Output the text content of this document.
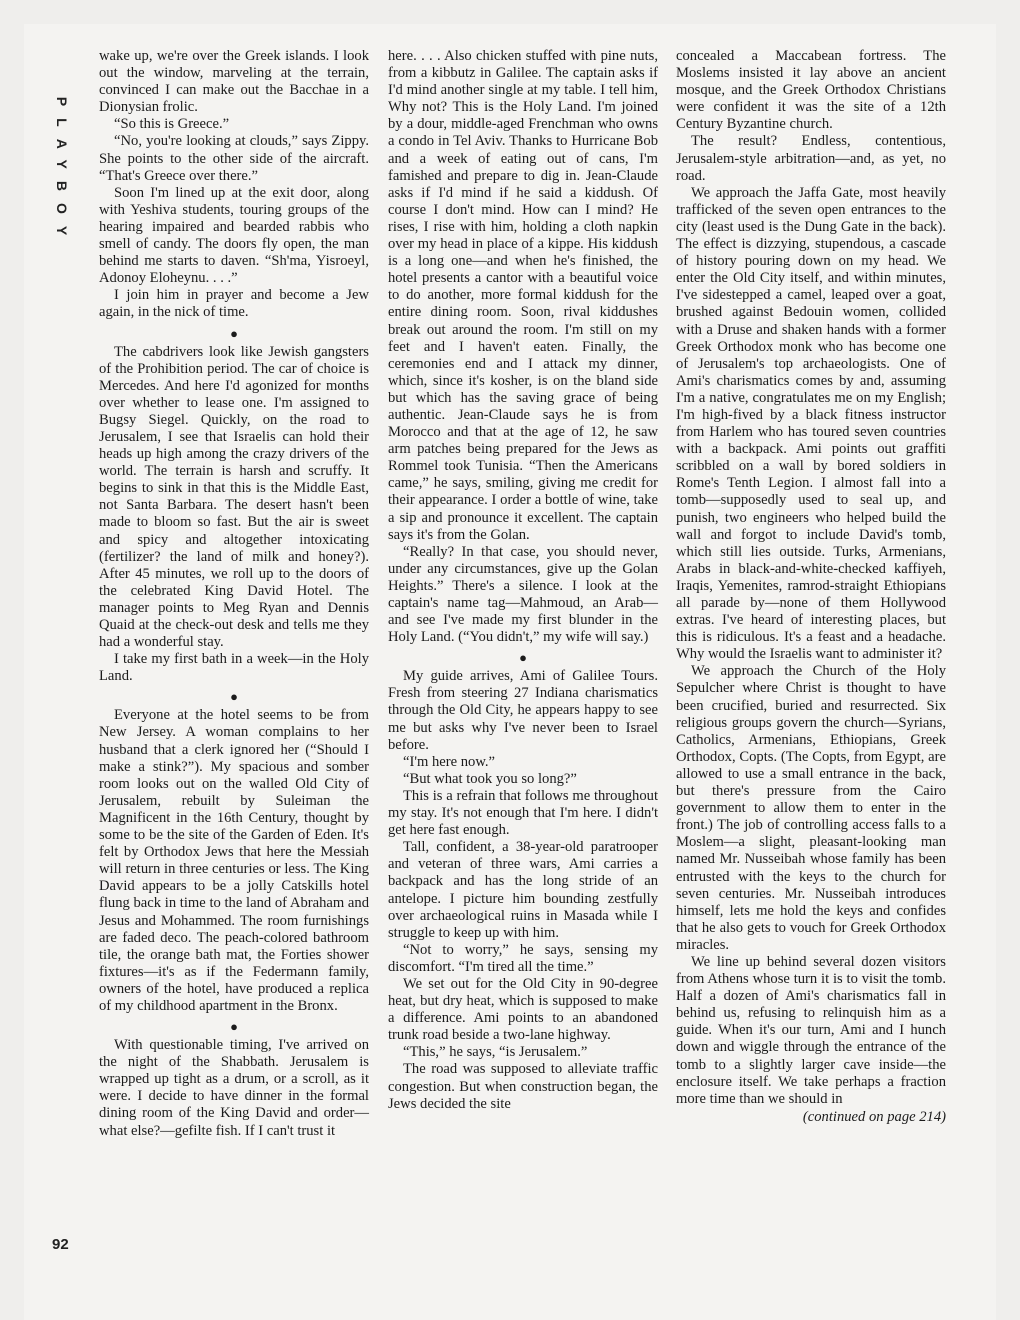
PLAYBOY

wake up, we're over the Greek islands. I look out the window, marveling at the terrain, convinced I can make out the Bacchae in a Dionysian frolic.

“So this is Greece.”

“No, you're looking at clouds,” says Zippy. She points to the other side of the aircraft. “That's Greece over there.”

Soon I'm lined up at the exit door, along with Yeshiva students, touring groups of the hearing impaired and bearded rabbis who smell of candy. The doors fly open, the man behind me starts to daven. “Sh'ma, Yisroeyl, Adonoy Eloheynu. . . .”

I join him in prayer and become a Jew again, in the nick of time.

●

The cabdrivers look like Jewish gangsters of the Prohibition period. The car of choice is Mercedes. And here I'd agonized for months over whether to lease one. I'm assigned to Bugsy Siegel. Quickly, on the road to Jerusalem, I see that Israelis can hold their heads up high among the crazy drivers of the world. The terrain is harsh and scruffy. It begins to sink in that this is the Middle East, not Santa Barbara. The desert hasn't been made to bloom so fast. But the air is sweet and spicy and altogether intoxicating (fertilizer? the land of milk and honey?). After 45 minutes, we roll up to the doors of the celebrated King David Hotel. The manager points to Meg Ryan and Dennis Quaid at the check-out desk and tells me they had a wonderful stay.

I take my first bath in a week—in the Holy Land.

●

Everyone at the hotel seems to be from New Jersey. A woman complains to her husband that a clerk ignored her (“Should I make a stink?”). My spacious and somber room looks out on the walled Old City of Jerusalem, rebuilt by Suleiman the Magnificent in the 16th Century, thought by some to be the site of the Garden of Eden. It's felt by Orthodox Jews that here the Messiah will return in three centuries or less. The King David appears to be a jolly Catskills hotel flung back in time to the land of Abraham and Jesus and Mohammed. The room furnishings are faded deco. The peach-colored bathroom tile, the orange bath mat, the Forties shower fixtures—it's as if the Federmann family, owners of the hotel, have produced a replica of my childhood apartment in the Bronx.

●

With questionable timing, I've arrived on the night of the Shabbath. Jerusalem is wrapped up tight as a drum, or a scroll, as it were. I decide to have dinner in the formal dining room of the King David and order—what else?—gefilte fish. If I can't trust it

here. . . . Also chicken stuffed with pine nuts, from a kibbutz in Galilee. The captain asks if I'd mind another single at my table. I tell him, Why not? This is the Holy Land. I'm joined by a dour, middle-aged Frenchman who owns a condo in Tel Aviv. Thanks to Hurricane Bob and a week of eating out of cans, I'm famished and prepare to dig in. Jean-Claude asks if I'd mind if he said a kiddush. Of course I don't mind. How can I mind? He rises, I rise with him, holding a cloth napkin over my head in place of a kippe. His kiddush is a long one—and when he's finished, the hotel presents a cantor with a beautiful voice to do another, more formal kiddush for the entire dining room. Soon, rival kiddushes break out around the room. I'm still on my feet and I haven't eaten. Finally, the ceremonies end and I attack my dinner, which, since it's kosher, is on the bland side but which has the saving grace of being authentic. Jean-Claude says he is from Morocco and that at the age of 12, he saw arm patches being prepared for the Jews as Rommel took Tunisia. “Then the Americans came,” he says, smiling, giving me credit for their appearance. I order a bottle of wine, take a sip and pronounce it excellent. The captain says it's from the Golan.

“Really? In that case, you should never, under any circumstances, give up the Golan Heights.” There's a silence. I look at the captain's name tag—Mahmoud, an Arab—and see I've made my first blunder in the Holy Land. (“You didn't,” my wife will say.)

●

My guide arrives, Ami of Galilee Tours. Fresh from steering 27 Indiana charismatics through the Old City, he appears happy to see me but asks why I've never been to Israel before.

“I'm here now.”

“But what took you so long?”

This is a refrain that follows me throughout my stay. It's not enough that I'm here. I didn't get here fast enough.

Tall, confident, a 38-year-old paratrooper and veteran of three wars, Ami carries a backpack and has the long stride of an antelope. I picture him bounding zestfully over archaeological ruins in Masada while I struggle to keep up with him.

“Not to worry,” he says, sensing my discomfort. “I'm tired all the time.”

We set out for the Old City in 90-degree heat, but dry heat, which is supposed to make a difference. Ami points to an abandoned trunk road beside a two-lane highway.

“This,” he says, “is Jerusalem.”

The road was supposed to alleviate traffic congestion. But when construction began, the Jews decided the site

concealed a Maccabean fortress. The Moslems insisted it lay above an ancient mosque, and the Greek Orthodox Christians were confident it was the site of a 12th Century Byzantine church.

The result? Endless, contentious, Jerusalem-style arbitration—and, as yet, no road.

We approach the Jaffa Gate, most heavily trafficked of the seven open entrances to the city (least used is the Dung Gate in the back). The effect is dizzying, stupendous, a cascade of history pouring down on my head. We enter the Old City itself, and within minutes, I've sidestepped a camel, leaped over a goat, brushed against Bedouin women, collided with a Druse and shaken hands with a former Greek Orthodox monk who has become one of Jerusalem's top archaeologists. One of Ami's charismatics comes by and, assuming I'm a native, congratulates me on my English; I'm high-fived by a black fitness instructor from Harlem who has toured seven countries with a backpack. Ami points out graffiti scribbled on a wall by bored soldiers in Rome's Tenth Legion. I almost fall into a tomb—supposedly used to seal up, and punish, two engineers who helped build the wall and forgot to include David's tomb, which still lies outside. Turks, Armenians, Arabs in black-and-white-checked kaffiyeh, Iraqis, Yemenites, ramrod-straight Ethiopians all parade by—none of them Hollywood extras. I've heard of interesting places, but this is ridiculous. It's a feast and a headache. Why would the Israelis want to administer it?

We approach the Church of the Holy Sepulcher where Christ is thought to have been crucified, buried and resurrected. Six religious groups govern the church—Syrians, Catholics, Armenians, Ethiopians, Greek Orthodox, Copts. (The Copts, from Egypt, are allowed to use a small entrance in the back, but there's pressure from the Cairo government to allow them to enter in the front.) The job of controlling access falls to a Moslem—a slight, pleasant-looking man named Mr. Nusseibah whose family has been entrusted with the keys to the church for seven centuries. Mr. Nusseibah introduces himself, lets me hold the keys and confides that he also gets to vouch for Greek Orthodox miracles.

We line up behind several dozen visitors from Athens whose turn it is to visit the tomb. Half a dozen of Ami's charismatics fall in behind us, refusing to relinquish him as a guide. When it's our turn, Ami and I hunch down and wiggle through the entrance of the tomb to a slightly larger cave inside—the enclosure itself. We take perhaps a fraction more time than we should in

(continued on page 214)
92
